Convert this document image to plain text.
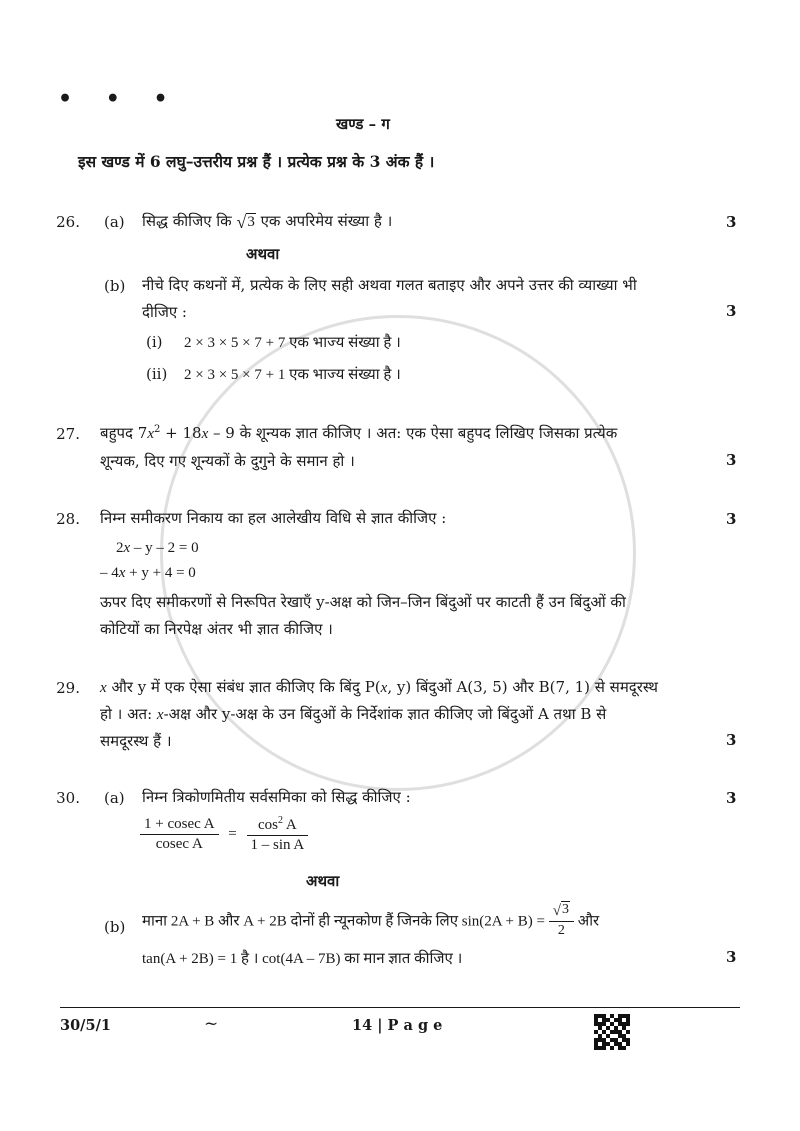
• • •
खण्ड – ग
इस खण्ड में 6 लघु–उत्तरीय प्रश्न हैं । प्रत्येक प्रश्न के 3 अंक हैं ।
26. (a) सिद्ध कीजिए कि √3 एक अपरिमेय संख्या है ।	3
अथवा
(b) नीचे दिए कथनों में, प्रत्येक के लिए सही अथवा गलत बताइए और अपने उत्तर की व्याख्या भी
दीजिए :	3
(i) 2 × 3 × 5 × 7 + 7 एक भाज्य संख्या है ।
(ii) 2 × 3 × 5 × 7 + 1 एक भाज्य संख्या है ।
27. बहुपद $7x^2 + 18x - 9$ के शून्यक ज्ञात कीजिए । अत: एक ऐसा बहुपद लिखिए जिसका प्रत्येक
शून्यक, दिए गए शून्यकों के दुगुने के समान हो ।	3
28. निम्न समीकरण निकाय का हल आलेखीय विधि से ज्ञात कीजिए :	3
2x – y – 2 = 0
– 4x + y + 4 = 0
ऊपर दिए समीकरणों से निरूपित रेखाएँ y-अक्ष को जिन–जिन बिंदुओं पर काटती हैं उन बिंदुओं की
कोटियों का निरपेक्ष अंतर भी ज्ञात कीजिए ।
29. x और y में एक ऐसा संबंध ज्ञात कीजिए कि बिंदु P(x, y) बिंदुओं A(3, 5) और B(7, 1) से समदूरस्थ
हो । अत: x-अक्ष और y-अक्ष के उन बिंदुओं के निर्देशांक ज्ञात कीजिए जो बिंदुओं A तथा B से
समदूरस्थ हैं ।	3
30. (a) निम्न त्रिकोणमितीय सर्वसमिका को सिद्ध कीजिए :	3
$\frac{\text{1 + cosec A}}{\text{cosec A}} = \frac{\cos^2 A}{\text{1 – sin A}}$
अथवा
(b) माना 2A + B और A + 2B दोनों ही न्यूनकोण हैं जिनके लिए $\sin(2A + B) = \frac{√3}{2}$ और
tan(A + 2B) = 1 है । cot(4A – 7B) का मान ज्ञात कीजिए ।	3
30/5/1	~	14 | P a g e
